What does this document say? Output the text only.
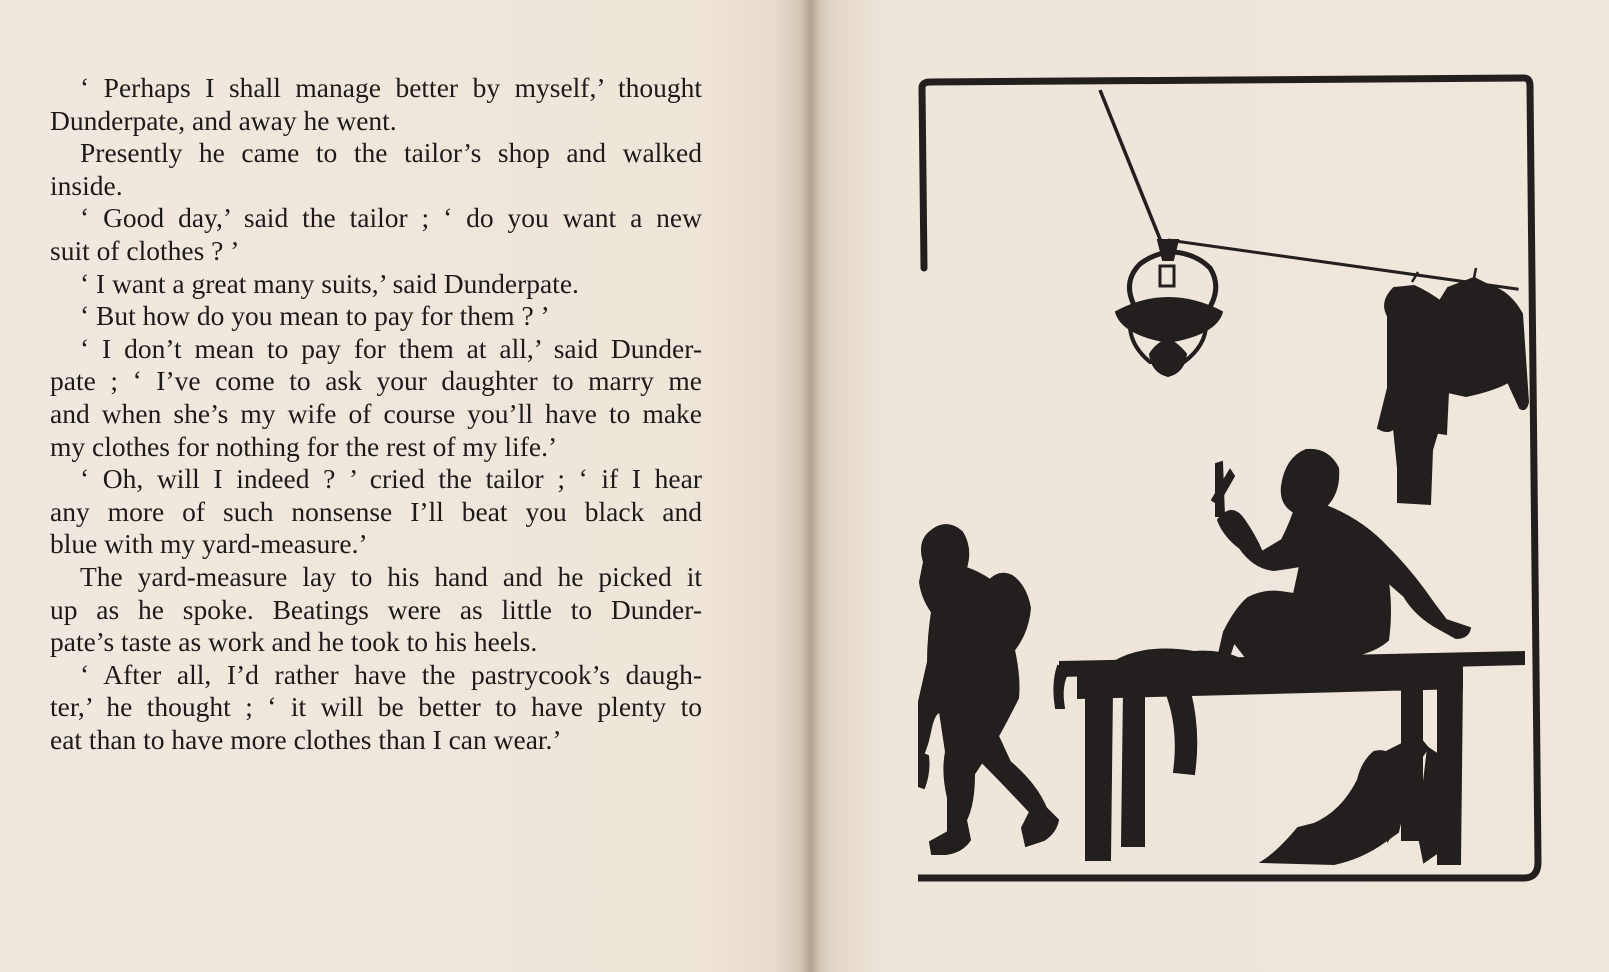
‘ Perhaps I shall manage better by myself,’ thought
Dunderpate, and away he went.
Presently he came to the tailor’s shop and walked
inside.
‘ Good day,’ said the tailor ; ‘ do you want a new
suit of clothes ? ’
‘ I want a great many suits,’ said Dunderpate.
‘ But how do you mean to pay for them ? ’
‘ I don’t mean to pay for them at all,’ said Dunder-
pate ; ‘ I’ve come to ask your daughter to marry me
and when she’s my wife of course you’ll have to make
my clothes for nothing for the rest of my life.’
‘ Oh, will I indeed ? ’ cried the tailor ; ‘ if I hear
any more of such nonsense I’ll beat you black and
blue with my yard-measure.’
The yard-measure lay to his hand and he picked it
up as he spoke. Beatings were as little to Dunder-
pate’s taste as work and he took to his heels.
‘ After all, I’d rather have the pastrycook’s daugh-
ter,’ he thought ; ‘ it will be better to have plenty to
eat than to have more clothes than I can wear.’
